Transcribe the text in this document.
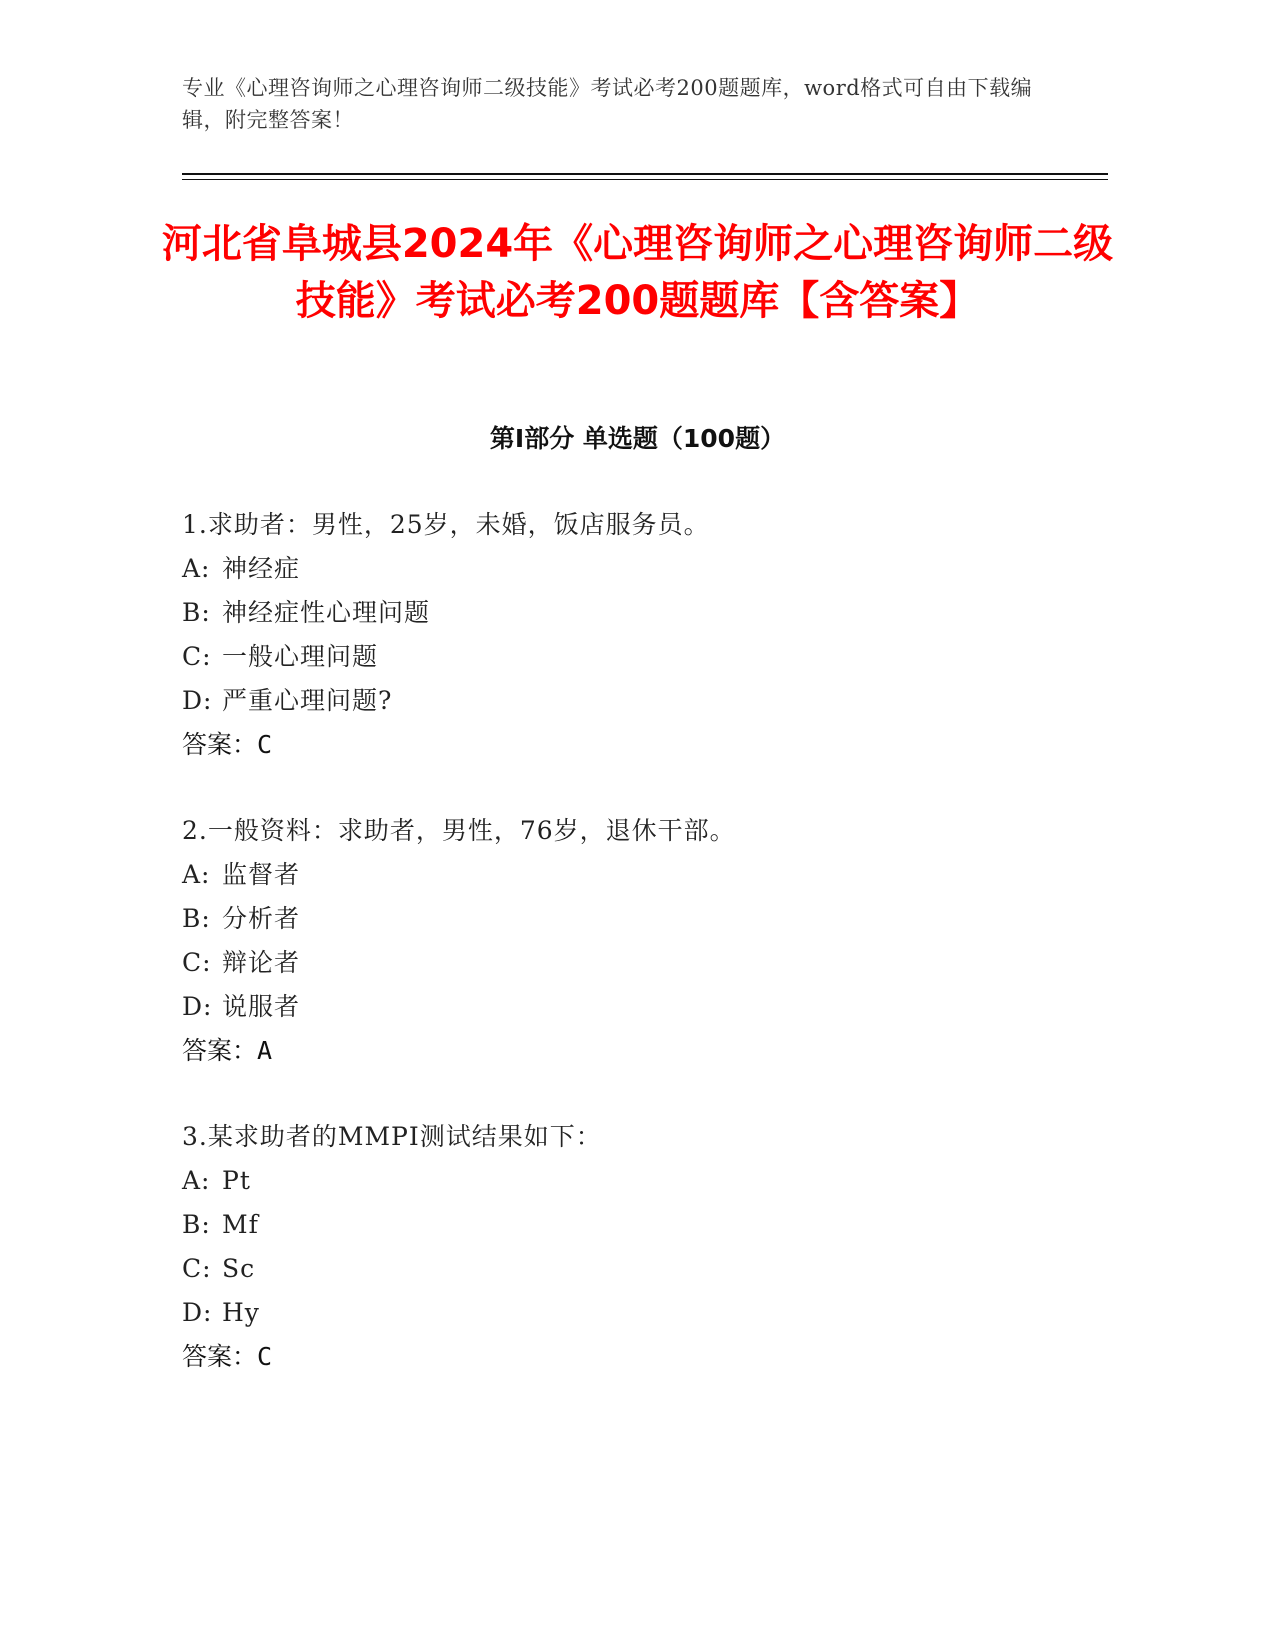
专业《心理咨询师之心理咨询师二级技能》考试必考200题题库，word格式可自由下载编辑，附完整答案！
河北省阜城县2024年《心理咨询师之心理咨询师二级技能》考试必考200题题库【含答案】
第I部分 单选题（100题）
1.求助者：男性，25岁，未婚，饭店服务员。
A: 神经症
B: 神经症性心理问题
C: 一般心理问题
D: 严重心理问题?
答案：C
2.一般资料：求助者，男性，76岁，退休干部。
A: 监督者
B: 分析者
C: 辩论者
D: 说服者
答案：A
3.某求助者的MMPI测试结果如下：
A: Pt
B: Mf
C: Sc
D: Hy
答案：C
